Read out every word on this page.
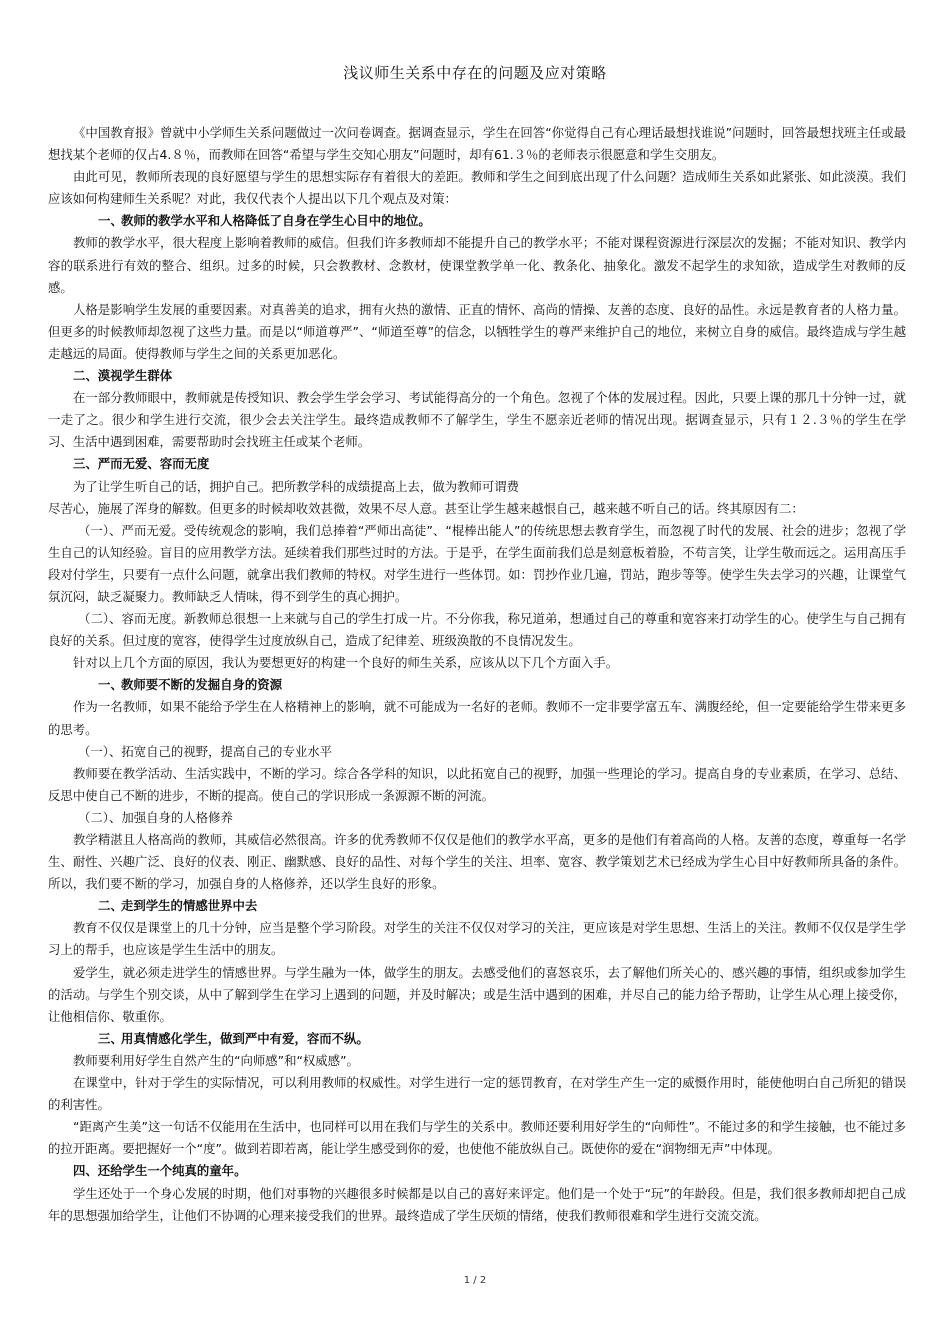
浅议师生关系中存在的问题及应对策略

《中国教育报》曾就中小学师生关系问题做过一次问卷调查。据调查显示，学生在回答“你觉得自己有心理话最想找谁说”问题时，回答最想找班主任或最想找某个老师的仅占4.８％，而教师在回答“希望与学生交知心朋友”问题时，却有61.３％的老师表示很愿意和学生交朋友。

由此可见，教师所表现的良好愿望与学生的思想实际存有着很大的差距。教师和学生之间到底出现了什么问题？造成师生关系如此紧张、如此淡漠。我们应该如何构建师生关系呢？对此，我仅代表个人提出以下几个观点及对策：

一、教师的教学水平和人格降低了自身在学生心目中的地位。

教师的教学水平，很大程度上影响着教师的威信。但我们许多教师却不能提升自己的教学水平；不能对课程资源进行深层次的发掘；不能对知识、教学内容的联系进行有效的整合、组织。过多的时候，只会教教材、念教材，使课堂教学单一化、教条化、抽象化。激发不起学生的求知欲，造成学生对教师的反感。

人格是影响学生发展的重要因素。对真善美的追求，拥有火热的激情、正直的情怀、高尚的情操、友善的态度、良好的品性。永远是教育者的人格力量。但更多的时候教师却忽视了这些力量。而是以“师道尊严”、“师道至尊”的信念，以牺牲学生的尊严来维护自己的地位，来树立自身的威信。最终造成与学生越走越远的局面。使得教师与学生之间的关系更加恶化。

二、漠视学生群体

在一部分教师眼中，教师就是传授知识、教会学生学会学习、考试能得高分的一个角色。忽视了个体的发展过程。因此，只要上课的那几十分钟一过，就一走了之。很少和学生进行交流，很少会去关注学生。最终造成教师不了解学生，学生不愿亲近老师的情况出现。据调查显示，只有１２.３％的学生在学习、生活中遇到困难，需要帮助时会找班主任或某个老师。

三、严而无爱、容而无度

为了让学生听自己的话，拥护自己。把所教学科的成绩提高上去，做为教师可谓费

尽苦心，施展了浑身的解数。但更多的时候却收效甚微，效果不尽人意。甚至让学生越来越恨自己，越来越不听自己的话。终其原因有二：

（一）、严而无爱。受传统观念的影响，我们总捧着“严师出高徒”、“棍棒出能人”的传统思想去教育学生，而忽视了时代的发展、社会的进步；忽视了学生自己的认知经验。盲目的应用教学方法。延续着我们那些过时的方法。于是乎，在学生面前我们总是刻意板着脸，不苟言笑，让学生敬而远之。运用高压手段对付学生，只要有一点什么问题，就拿出我们教师的特权。对学生进行一些体罚。如：罚抄作业几遍，罚站，跑步等等。使学生失去学习的兴趣，让课堂气氛沉闷，缺乏凝聚力。教师缺乏人情味，得不到学生的真心拥护。

（二）、容而无度。新教师总很想一上来就与自己的学生打成一片。不分你我，称兄道弟，想通过自己的尊重和宽容来打动学生的心。使学生与自己拥有良好的关系。但过度的宽容，使得学生过度放纵自己，造成了纪律差、班级涣散的不良情况发生。

针对以上几个方面的原因，我认为要想更好的构建一个良好的师生关系，应该从以下几个方面入手。

一、教师要不断的发掘自身的资源

作为一名教师，如果不能给予学生在人格精神上的影响，就不可能成为一名好的老师。教师不一定非要学富五车、满腹经纶，但一定要能给学生带来更多的思考。

（一）、拓宽自己的视野，提高自己的专业水平

教师要在教学活动、生活实践中，不断的学习。综合各学科的知识，以此拓宽自己的视野，加强一些理论的学习。提高自身的专业素质，在学习、总结、反思中使自己不断的进步，不断的提高。使自己的学识形成一条源源不断的河流。

（二）、加强自身的人格修养

教学精湛且人格高尚的教师，其威信必然很高。许多的优秀教师不仅仅是他们的教学水平高，更多的是他们有着高尚的人格。友善的态度，尊重每一名学生、耐性、兴趣广泛、良好的仪表、刚正、幽默感、良好的品性、对每个学生的关注、坦率、宽容、教学策划艺术已经成为学生心目中好教师所具备的条件。所以，我们要不断的学习，加强自身的人格修养，还以学生良好的形象。

二、走到学生的情感世界中去

教育不仅仅是课堂上的几十分钟，应当是整个学习阶段。对学生的关注不仅仅对学习的关注，更应该是对学生思想、生活上的关注。教师不仅仅是学生学习上的帮手，也应该是学生生活中的朋友。

爱学生，就必须走进学生的情感世界。与学生融为一体，做学生的朋友。去感受他们的喜怒哀乐，去了解他们所关心的、感兴趣的事情，组织或参加学生的活动。与学生个别交谈，从中了解到学生在学习上遇到的问题，并及时解决；或是生活中遇到的困难，并尽自己的能力给予帮助，让学生从心理上接受你，让他相信你、敬重你。

三、用真情感化学生，做到严中有爱，容而不纵。

教师要利用好学生自然产生的“向师感”和“权威感”。

在课堂中，针对于学生的实际情况，可以利用教师的权威性。对学生进行一定的惩罚教育，在对学生产生一定的威慑作用时，能使他明白自己所犯的错误的利害性。

“距离产生美”这一句话不仅能用在生活中，也同样可以用在我们与学生的关系中。教师还要利用好学生的“向师性”。不能过多的和学生接触，也不能过多的拉开距离。要把握好一个“度”。做到若即若离，能让学生感受到你的爱，也使他不能放纵自己。既使你的爱在“润物细无声”中体现。

四、还给学生一个纯真的童年。

学生还处于一个身心发展的时期，他们对事物的兴趣很多时候都是以自己的喜好来评定。他们是一个处于“玩”的年龄段。但是，我们很多教师却把自己成年的思想强加给学生，让他们不协调的心理来接受我们的世界。最终造成了学生厌烦的情绪，使我们教师很难和学生进行交流交流。

1 / 2
